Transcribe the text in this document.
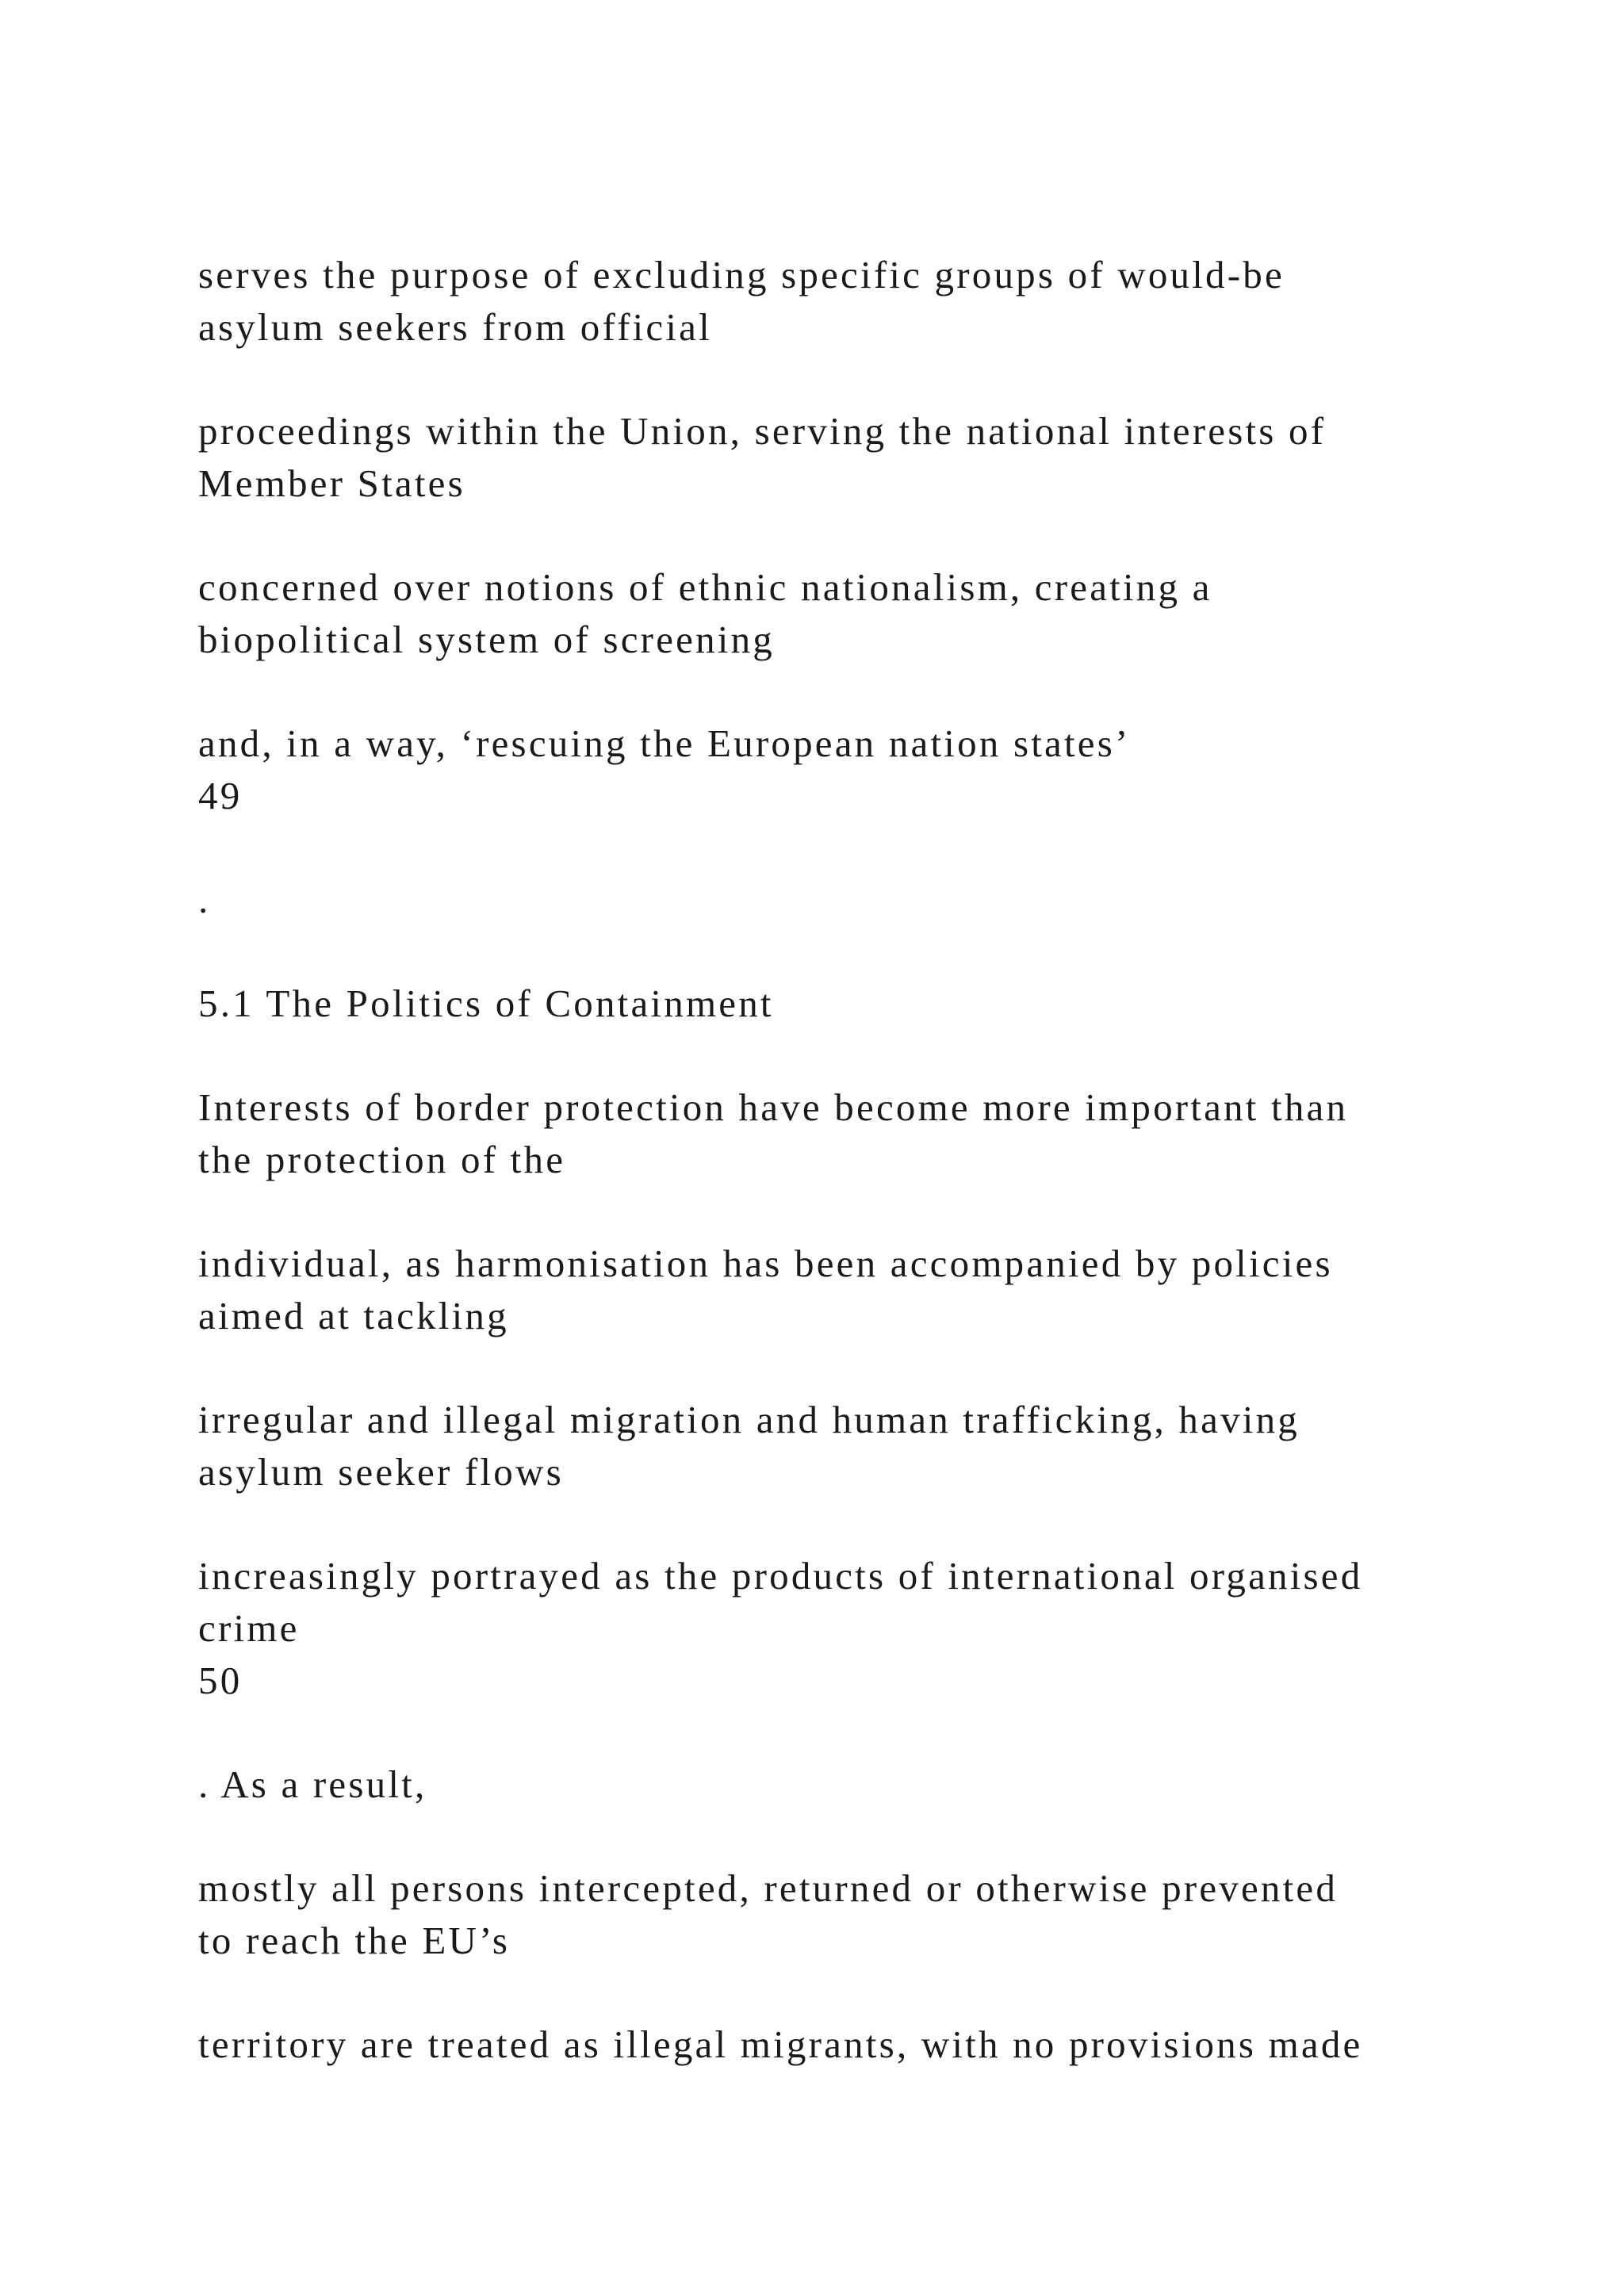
serves the purpose of excluding specific groups of would-be

asylum seekers from official

proceedings within the Union, serving the national interests of

Member States

concerned over notions of ethnic nationalism, creating a

biopolitical system of screening

and, in a way, ‘rescuing the European nation states’

49

.

5.1 The Politics of Containment

Interests of border protection have become more important than

the protection of the

individual, as harmonisation has been accompanied by policies

aimed at tackling

irregular and illegal migration and human trafficking, having

asylum seeker flows

increasingly portrayed as the products of international organised

crime

50

. As a result,

mostly all persons intercepted, returned or otherwise prevented

to reach the EU’s

territory are treated as illegal migrants, with no provisions made
